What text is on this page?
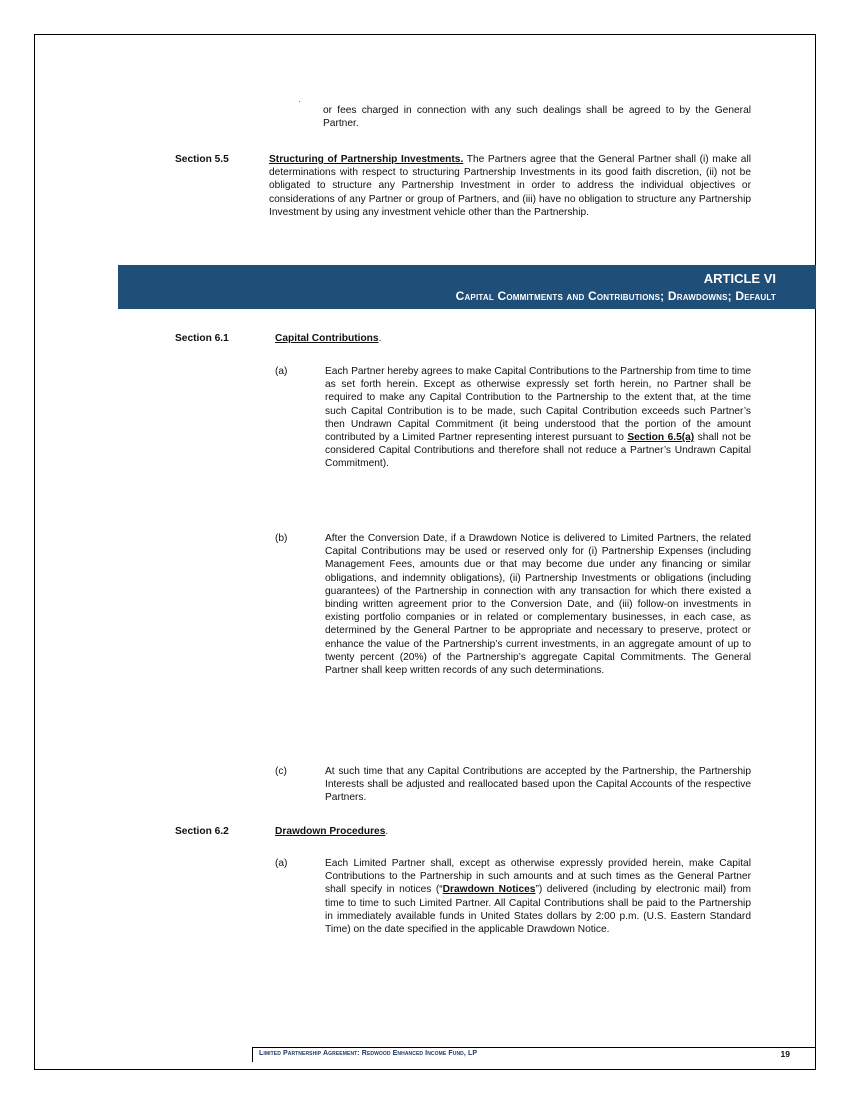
or fees charged in connection with any such dealings shall be agreed to by the General Partner.
Section 5.5	Structuring of Partnership Investments. The Partners agree that the General Partner shall (i) make all determinations with respect to structuring Partnership Investments in its good faith discretion, (ii) not be obligated to structure any Partnership Investment in order to address the individual objectives or considerations of any Partner or group of Partners, and (iii) have no obligation to structure any Partnership Investment by using any investment vehicle other than the Partnership.
ARTICLE VI
Capital Commitments and Contributions; Drawdowns; Default
Section 6.1	Capital Contributions.
(a)	Each Partner hereby agrees to make Capital Contributions to the Partnership from time to time as set forth herein. Except as otherwise expressly set forth herein, no Partner shall be required to make any Capital Contribution to the Partnership to the extent that, at the time such Capital Contribution is to be made, such Capital Contribution exceeds such Partner’s then Undrawn Capital Commitment (it being understood that the portion of the amount contributed by a Limited Partner representing interest pursuant to Section 6.5(a) shall not be considered Capital Contributions and therefore shall not reduce a Partner’s Undrawn Capital Commitment).
(b)	After the Conversion Date, if a Drawdown Notice is delivered to Limited Partners, the related Capital Contributions may be used or reserved only for (i) Partnership Expenses (including Management Fees, amounts due or that may become due under any financing or similar obligations, and indemnity obligations), (ii) Partnership Investments or obligations (including guarantees) of the Partnership in connection with any transaction for which there existed a binding written agreement prior to the Conversion Date, and (iii) follow-on investments in existing portfolio companies or in related or complementary businesses, in each case, as determined by the General Partner to be appropriate and necessary to preserve, protect or enhance the value of the Partnership’s current investments, in an aggregate amount of up to twenty percent (20%) of the Partnership’s aggregate Capital Commitments. The General Partner shall keep written records of any such determinations.
(c)	At such time that any Capital Contributions are accepted by the Partnership, the Partnership Interests shall be adjusted and reallocated based upon the Capital Accounts of the respective Partners.
Section 6.2	Drawdown Procedures.
(a)	Each Limited Partner shall, except as otherwise expressly provided herein, make Capital Contributions to the Partnership in such amounts and at such times as the General Partner shall specify in notices (“Drawdown Notices”) delivered (including by electronic mail) from time to time to such Limited Partner. All Capital Contributions shall be paid to the Partnership in immediately available funds in United States dollars by 2:00 p.m. (U.S. Eastern Standard Time) on the date specified in the applicable Drawdown Notice.
Limited Partnership Agreement: Redwood Enhanced Income Fund, LP	19
